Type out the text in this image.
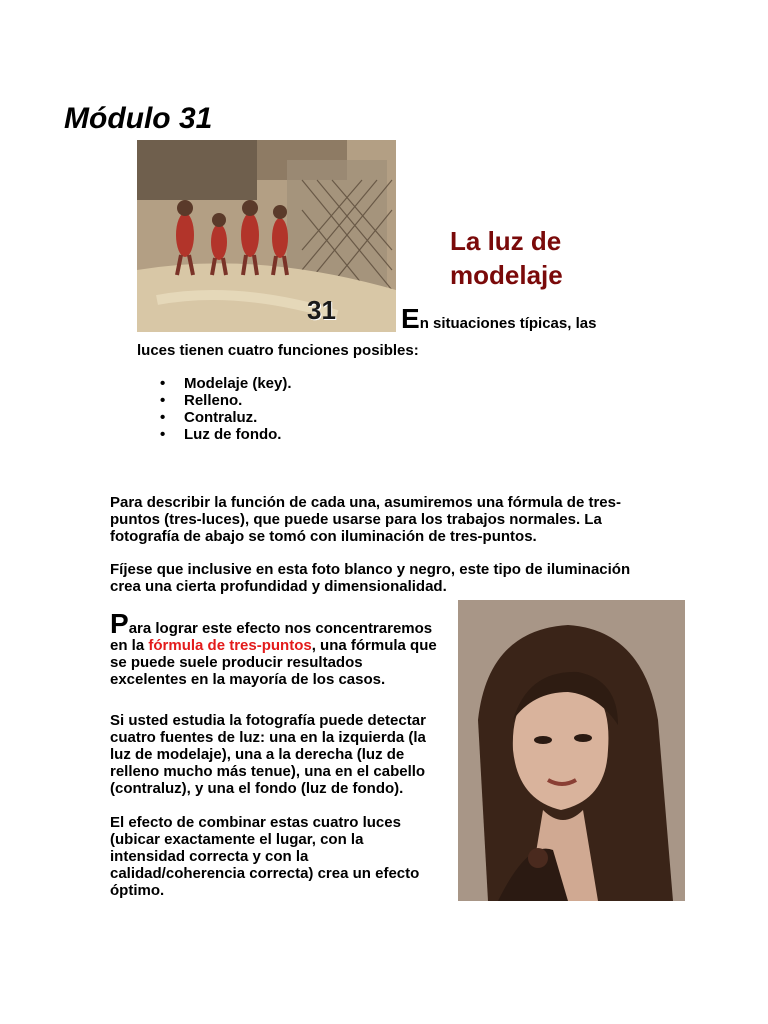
Módulo 31
31
La luz de
modelaje
En situaciones típicas, las
luces tienen cuatro funciones posibles:
• Modelaje (key).
• Relleno.
• Contraluz.
• Luz de fondo.
Para describir la función de cada una, asumiremos una fórmula de tres-
puntos (tres-luces), que puede usarse para los trabajos normales. La
fotografía de abajo se tomó con iluminación de tres-puntos.
Fíjese que inclusive en esta foto blanco y negro, este tipo de iluminación
crea una cierta profundidad y dimensionalidad.
Para lograr este efecto nos concentraremos
en la fórmula de tres-puntos, una fórmula que
se puede suele producir resultados
excelentes en la mayoría de los casos.
Si usted estudia la fotografía puede detectar
cuatro fuentes de luz: una en la izquierda (la
luz de modelaje), una a la derecha (luz de
relleno mucho más tenue), una en el cabello
(contraluz), y una el fondo (luz de fondo).
El efecto de combinar estas cuatro luces
(ubicar exactamente el lugar, con la
intensidad correcta y con la
calidad/coherencia correcta) crea un efecto
óptimo.
